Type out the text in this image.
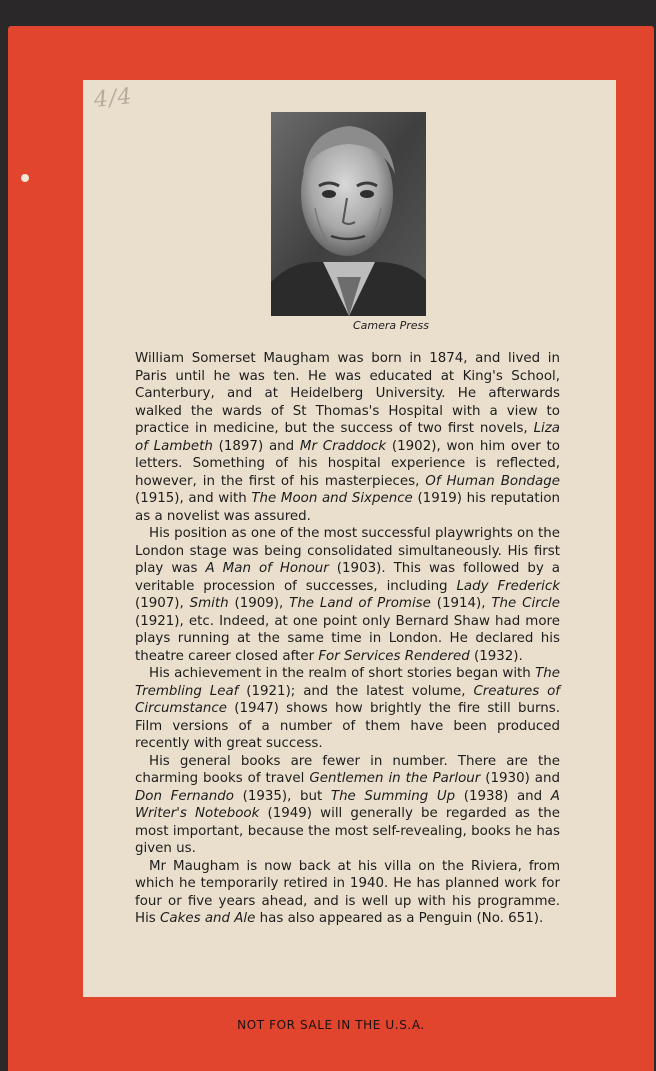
4/4
Camera Press

William Somerset Maugham was born in 1874, and lived in Paris until he was ten. He was educated at King's School, Canterbury, and at Heidelberg University. He afterwards walked the wards of St Thomas's Hospital with a view to practice in medicine, but the success of two first novels, Liza of Lambeth (1897) and Mr Craddock (1902), won him over to letters. Something of his hospital experience is reflected, however, in the first of his masterpieces, Of Human Bondage (1915), and with The Moon and Sixpence (1919) his reputation as a novelist was assured.

His position as one of the most successful playwrights on the London stage was being consolidated simultaneously. His first play was A Man of Honour (1903). This was followed by a veritable procession of successes, including Lady Frederick (1907), Smith (1909), The Land of Promise (1914), The Circle (1921), etc. Indeed, at one point only Bernard Shaw had more plays running at the same time in London. He declared his theatre career closed after For Services Rendered (1932).

His achievement in the realm of short stories began with The Trembling Leaf (1921); and the latest volume, Creatures of Circumstance (1947) shows how brightly the fire still burns. Film versions of a number of them have been produced recently with great success.

His general books are fewer in number. There are the charming books of travel Gentlemen in the Parlour (1930) and Don Fernando (1935), but The Summing Up (1938) and A Writer's Notebook (1949) will generally be regarded as the most important, because the most self-revealing, books he has given us.

Mr Maugham is now back at his villa on the Riviera, from which he temporarily retired in 1940. He has planned work for four or five years ahead, and is well up with his programme. His Cakes and Ale has also appeared as a Penguin (No. 651).

NOT FOR SALE IN THE U.S.A.
